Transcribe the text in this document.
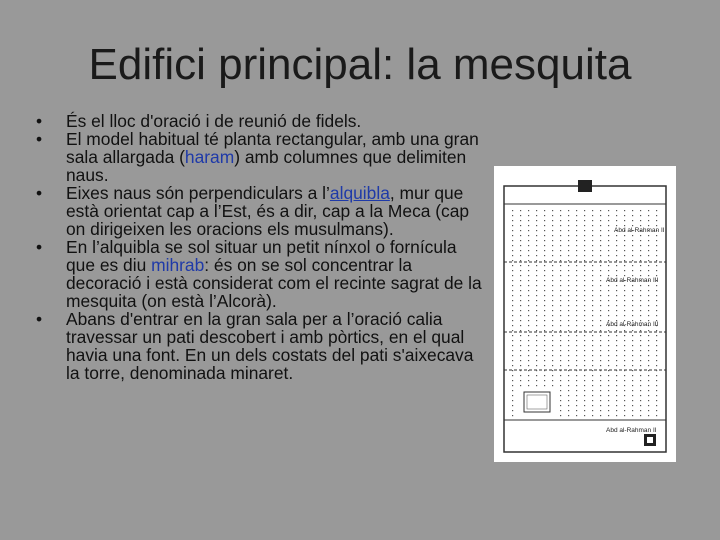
Edifici principal: la mesquita
• És el lloc d'oració i de reunió de fidels.
• El model habitual té planta rectangular, amb una gran sala allargada (haram) amb columnes que delimiten naus.
• Eixes naus són perpendiculars a l’alquibla, mur que està orientat cap a l’Est, és a dir, cap a la Meca (cap on dirigeixen les oracions els musulmans).
• En l’alquibla se sol situar un petit nínxol o fornícula que es diu mihrab: és on se sol concentrar la decoració i està considerat com el recinte sagrat de la mesquita (on està l’Alcorà).
• Abans d'entrar en la gran sala per a l’oració calia travessar un pati descobert i amb pòrtics, en el qual havia una font. En un dels costats del pati s'aixecava la torre, denominada minaret.
Abd al-Rahman II
Abd al-Rahman III
Abd al-Rahman III
Abd al-Rahman II
